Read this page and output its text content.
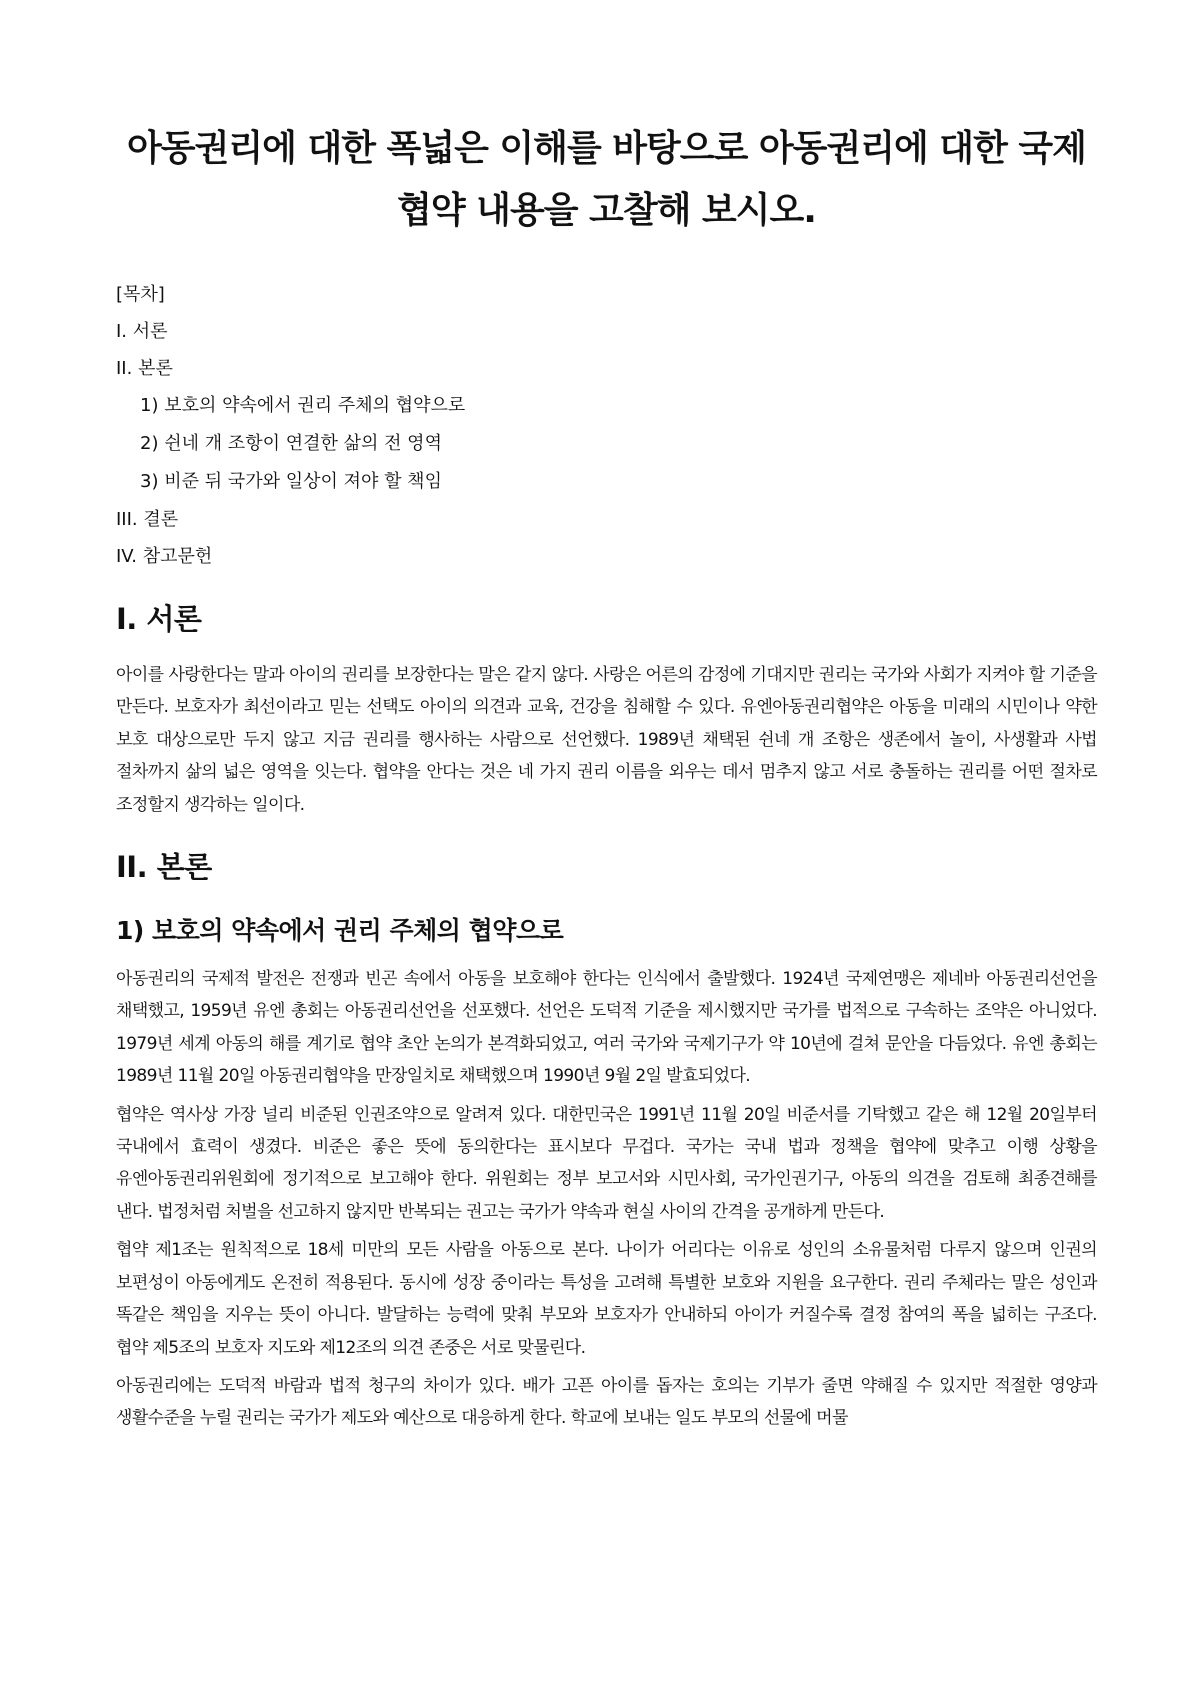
아동권리에 대한 폭넓은 이해를 바탕으로 아동권리에 대한 국제
협약 내용을 고찰해 보시오.
[목차]
I. 서론
II. 본론
1) 보호의 약속에서 권리 주체의 협약으로
2) 쉰네 개 조항이 연결한 삶의 전 영역
3) 비준 뒤 국가와 일상이 져야 할 책임
III. 결론
IV. 참고문헌
I. 서론

아이를 사랑한다는 말과 아이의 권리를 보장한다는 말은 같지 않다. 사랑은 어른의 감정에 기대지만 권리는 국가와 사회가 지켜야 할 기준을 만든다. 보호자가 최선이라고 믿는 선택도 아이의 의견과 교육, 건강을 침해할 수 있다. 유엔아동권리협약은 아동을 미래의 시민이나 약한 보호 대상으로만 두지 않고 지금 권리를 행사하는 사람으로 선언했다. 1989년 채택된 쉰네 개 조항은 생존에서 놀이, 사생활과 사법 절차까지 삶의 넓은 영역을 잇는다. 협약을 안다는 것은 네 가지 권리 이름을 외우는 데서 멈추지 않고 서로 충돌하는 권리를 어떤 절차로 조정할지 생각하는 일이다.

II. 본론
1) 보호의 약속에서 권리 주체의 협약으로

아동권리의 국제적 발전은 전쟁과 빈곤 속에서 아동을 보호해야 한다는 인식에서 출발했다. 1924년 국제연맹은 제네바 아동권리선언을 채택했고, 1959년 유엔 총회는 아동권리선언을 선포했다. 선언은 도덕적 기준을 제시했지만 국가를 법적으로 구속하는 조약은 아니었다. 1979년 세계 아동의 해를 계기로 협약 초안 논의가 본격화되었고, 여러 국가와 국제기구가 약 10년에 걸쳐 문안을 다듬었다. 유엔 총회는 1989년 11월 20일 아동권리협약을 만장일치로 채택했으며 1990년 9월 2일 발효되었다.

협약은 역사상 가장 널리 비준된 인권조약으로 알려져 있다. 대한민국은 1991년 11월 20일 비준서를 기탁했고 같은 해 12월 20일부터 국내에서 효력이 생겼다. 비준은 좋은 뜻에 동의한다는 표시보다 무겁다. 국가는 국내 법과 정책을 협약에 맞추고 이행 상황을 유엔아동권리위원회에 정기적으로 보고해야 한다. 위원회는 정부 보고서와 시민사회, 국가인권기구, 아동의 의견을 검토해 최종견해를 낸다. 법정처럼 처벌을 선고하지 않지만 반복되는 권고는 국가가 약속과 현실 사이의 간격을 공개하게 만든다.

협약 제1조는 원칙적으로 18세 미만의 모든 사람을 아동으로 본다. 나이가 어리다는 이유로 성인의 소유물처럼 다루지 않으며 인권의 보편성이 아동에게도 온전히 적용된다. 동시에 성장 중이라는 특성을 고려해 특별한 보호와 지원을 요구한다. 권리 주체라는 말은 성인과 똑같은 책임을 지우는 뜻이 아니다. 발달하는 능력에 맞춰 부모와 보호자가 안내하되 아이가 커질수록 결정 참여의 폭을 넓히는 구조다. 협약 제5조의 보호자 지도와 제12조의 의견 존중은 서로 맞물린다.

아동권리에는 도덕적 바람과 법적 청구의 차이가 있다. 배가 고픈 아이를 돕자는 호의는 기부가 줄면 약해질 수 있지만 적절한 영양과 생활수준을 누릴 권리는 국가가 제도와 예산으로 대응하게 한다. 학교에 보내는 일도 부모의 선물에 머물
